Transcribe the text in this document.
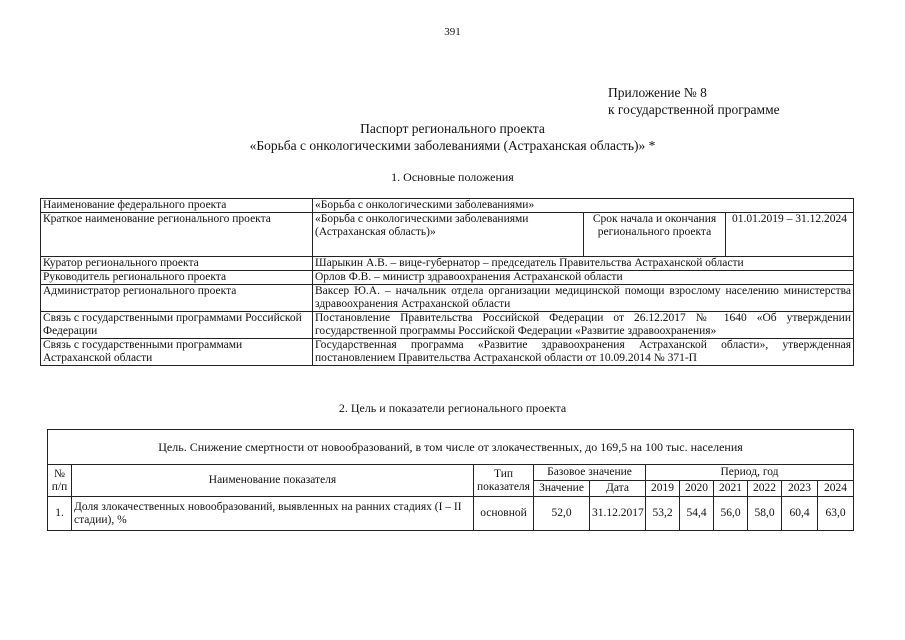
391
Приложение № 8
к государственной программе
Паспорт регионального проекта
«Борьба с онкологическими заболеваниями (Астраханская область)» *
1. Основные положения
Наименование федерального проекта	«Борьба с онкологическими заболеваниями»		
Краткое наименование регионального проекта	«Борьба с онкологическими заболеваниями (Астраханская область)»	Срок начала и окончания регионального проекта	01.01.2019 – 31.12.2024
Куратор регионального проекта	Шарыкин А.В. – вице-губернатор – председатель Правительства Астраханской области		
Руководитель регионального проекта	Орлов Ф.В. – министр здравоохранения Астраханской области		
Администратор регионального проекта	Ваксер Ю.А. – начальник отдела организации медицинской помощи взрослому населению министерства здравоохранения Астраханской области		
Связь с государственными программами Российской Федерации	Постановление Правительства Российской Федерации от 26.12.2017 № 1640 «Об утверждении государственной программы Российской Федерации «Развитие здравоохранения»		
Связь с государственными программами Астраханской области	Государственная программа «Развитие здравоохранения Астраханской области», утвержденная постановлением Правительства Астраханской области от 10.09.2014 № 371-П		
2. Цель и показатели регионального проекта
Цель. Снижение смертности от новообразований, в том числе от злокачественных, до 169,5 на 100 тыс. населения										
№ п/п	Наименование показателя	Тип показателя	Базовое значение		Период, год					
			Значение	Дата	2019	2020	2021	2022	2023	2024
1.	Доля злокачественных новообразований, выявленных на ранних стадиях (I – II стадии), %	основной	52,0	31.12.2017	53,2	54,4	56,0	58,0	60,4	63,0
